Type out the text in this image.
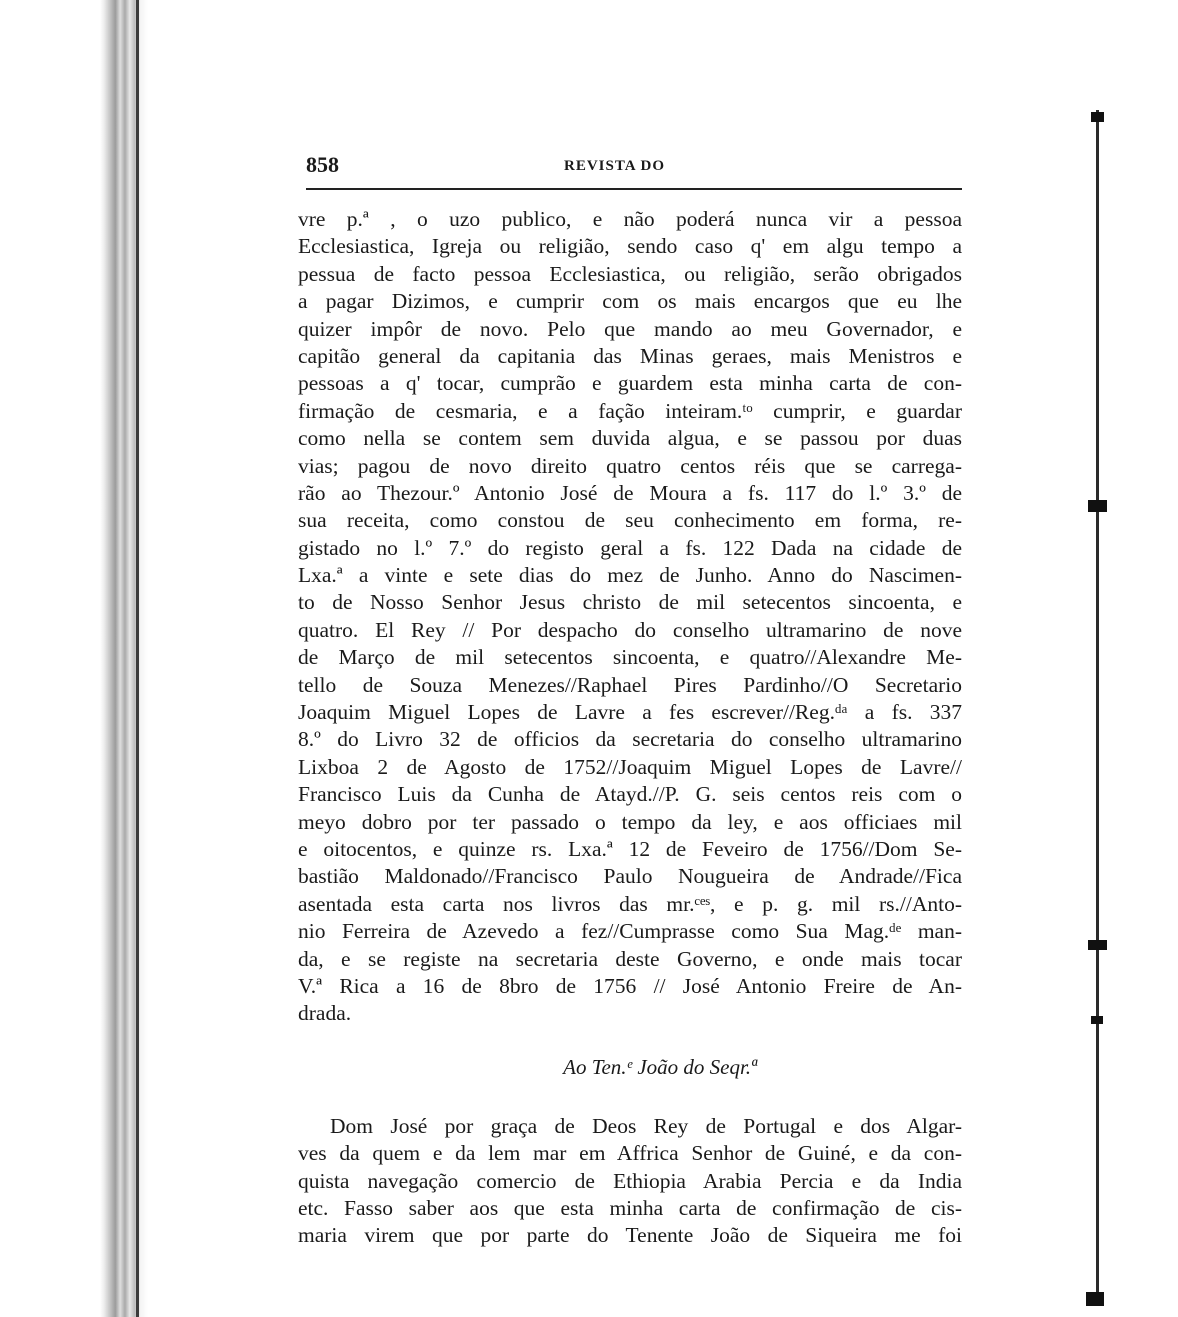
858	REVISTA DO
vre p.ª , o uzo publico, e não poderá nunca vir a pessoa
Ecclesiastica, Igreja ou religião, sendo caso q' em algu tempo a
pessua de facto pessoa Ecclesiastica, ou religião, serão obrigados
a pagar Dizimos, e cumprir com os mais encargos que eu lhe
quizer impôr de novo. Pelo que mando ao meu Governador, e
capitão general da capitania das Minas geraes, mais Menistros e
pessoas a q' tocar, cumprão e guardem esta minha carta de con-
firmação de cesmaria, e a fação inteiram.ᵗᵒ cumprir, e guardar
como nella se contem sem duvida algua, e se passou por duas
vias; pagou de novo direito quatro centos réis que se carrega-
rão ao Thezour.º Antonio José de Moura a fs. 117 do l.º 3.º de
sua receita, como constou de seu conhecimento em forma, re-
gistado no l.º 7.º do registo geral a fs. 122 Dada na cidade de
Lxa.ª a vinte e sete dias do mez de Junho. Anno do Nascimen-
to de Nosso Senhor Jesus christo de mil setecentos sincoenta, e
quatro. El Rey // Por despacho do conselho ultramarino de nove
de Março de mil setecentos sincoenta, e quatro//Alexandre Me-
tello de Souza Menezes//Raphael Pires Pardinho//O Secretario
Joaquim Miguel Lopes de Lavre a fes escrever//Reg.ᵈᵃ a fs. 337
8.º do Livro 32 de officios da secretaria do conselho ultramarino
Lixboa 2 de Agosto de 1752//Joaquim Miguel Lopes de Lavre//
Francisco Luis da Cunha de Atayd.//P. G. seis centos reis com o
meyo dobro por ter passado o tempo da ley, e aos officiaes mil
e oitocentos, e quinze rs. Lxa.ª 12 de Feveiro de 1756//Dom Se-
bastião Maldonado//Francisco Paulo Nougueira de Andrade//Fica
asentada esta carta nos livros das mr.ᶜᵉˢ, e p. g. mil rs.//Anto-
nio Ferreira de Azevedo a fez//Cumprasse como Sua Mag.ᵈᵉ man-
da, e se registe na secretaria deste Governo, e onde mais tocar
V.ª Rica a 16 de 8bro de 1756 // José Antonio Freire de An-
drada.
Ao Ten.ᵉ João do Seqr.ª
Dom José por graça de Deos Rey de Portugal e dos Algar-
ves da quem e da lem mar em Affrica Senhor de Guiné, e da con-
quista navegação comercio de Ethiopia Arabia Percia e da India
etc. Fasso saber aos que esta minha carta de confirmação de cis-
maria virem que por parte do Tenente João de Siqueira me foi
